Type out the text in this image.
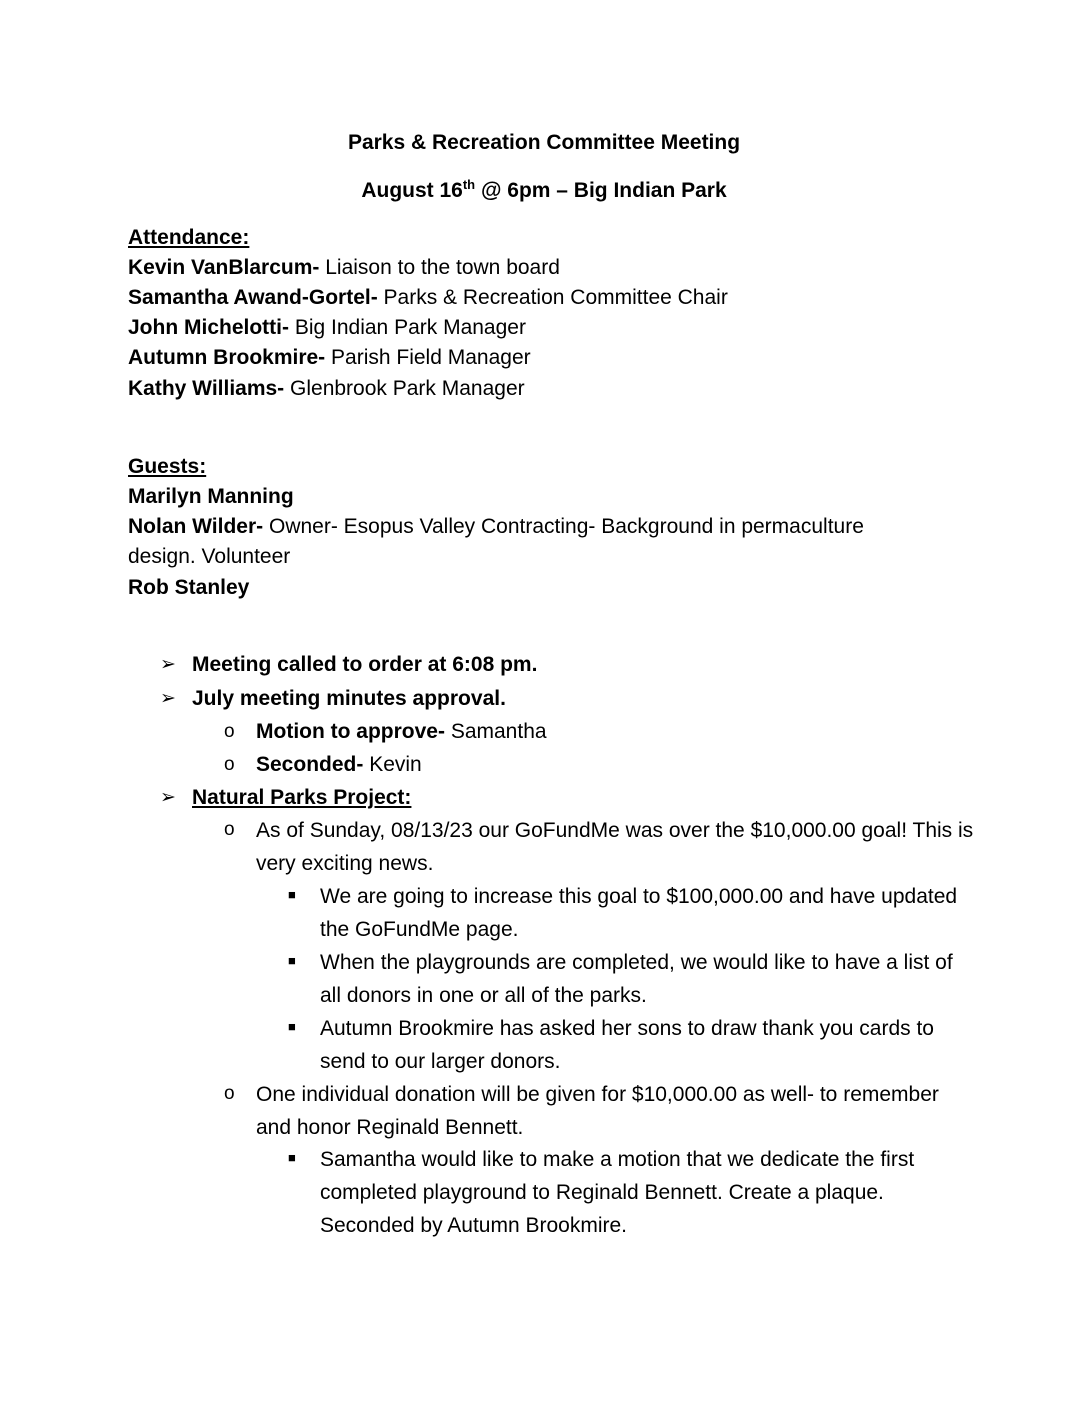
Parks & Recreation Committee Meeting
August 16th @ 6pm – Big Indian Park
Attendance:
Kevin VanBlarcum- Liaison to the town board
Samantha Awand-Gortel- Parks & Recreation Committee Chair
John Michelotti- Big Indian Park Manager
Autumn Brookmire- Parish Field Manager
Kathy Williams- Glenbrook Park Manager
Guests:
Marilyn Manning
Nolan Wilder- Owner- Esopus Valley Contracting- Background in permaculture
design. Volunteer
Rob Stanley
➢ Meeting called to order at 6:08 pm.
➢ July meeting minutes approval.
o Motion to approve- Samantha
o Seconded- Kevin
➢ Natural Parks Project:
o As of Sunday, 08/13/23 our GoFundMe was over the $10,000.00 goal! This is very exciting news.
■ We are going to increase this goal to $100,000.00 and have updated the GoFundMe page.
■ When the playgrounds are completed, we would like to have a list of all donors in one or all of the parks.
■ Autumn Brookmire has asked her sons to draw thank you cards to send to our larger donors.
o One individual donation will be given for $10,000.00 as well- to remember and honor Reginald Bennett.
■ Samantha would like to make a motion that we dedicate the first completed playground to Reginald Bennett. Create a plaque. Seconded by Autumn Brookmire.
